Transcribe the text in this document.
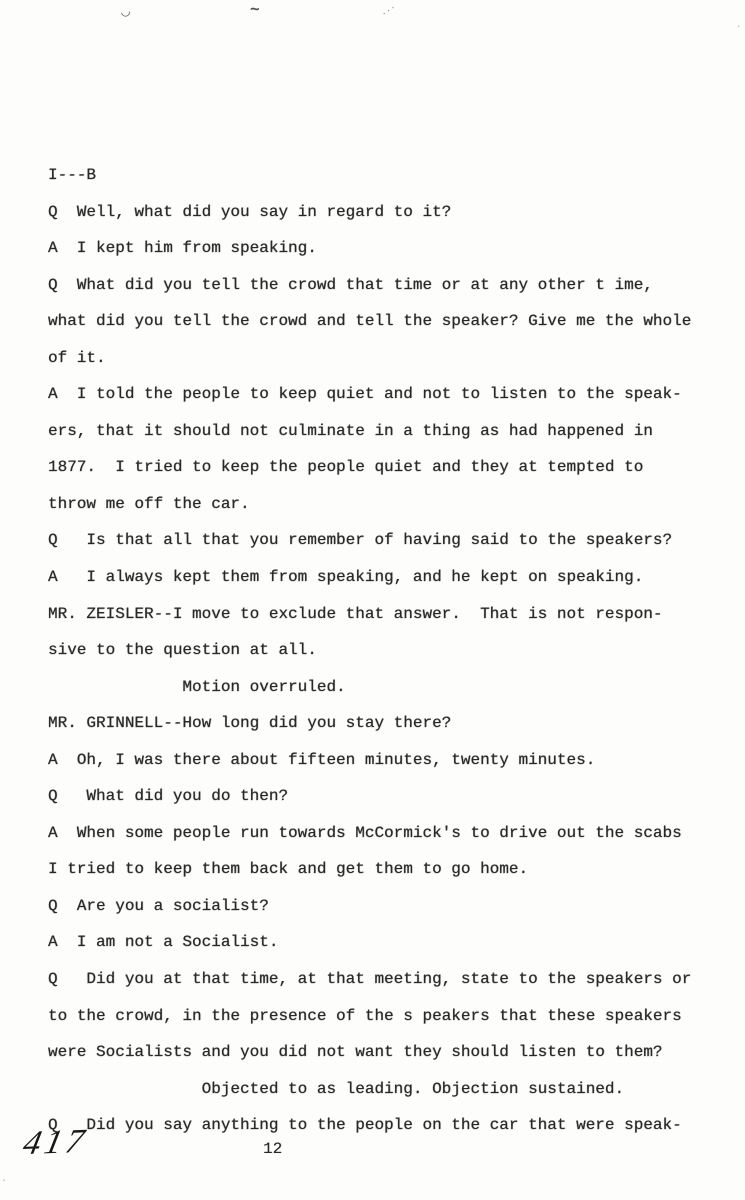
◡	∼	⋰
·
·
I---B
Q  Well, what did you say in regard to it?
A  I kept him from speaking.
Q  What did you tell the crowd that time or at any other t ime,
what did you tell the crowd and tell the speaker? Give me the whole
of it.
A  I told the people to keep quiet and not to listen to the speak-
ers, that it should not culminate in a thing as had happened in
1877.  I tried to keep the people quiet and they at tempted to
throw me off the car.
Q   Is that all that you remember of having said to the speakers?
A   I always kept them from speaking, and he kept on speaking.
MR. ZEISLER--I move to exclude that answer.  That is not respon-
sive to the question at all.
Motion overruled.
MR. GRINNELL--How long did you stay there?
A  Oh, I was there about fifteen minutes, twenty minutes.
Q   What did you do then?
A  When some people run towards McCormick's to drive out the scabs
I tried to keep them back and get them to go home.
Q  Are you a socialist?
A  I am not a Socialist.
Q   Did you at that time, at that meeting, state to the speakers or
to the crowd, in the presence of the s peakers that these speakers
were Socialists and you did not want they should listen to them?
Objected to as leading. Objection sustained.
Q   Did you say anything to the people on the car that were speak-
417	12
